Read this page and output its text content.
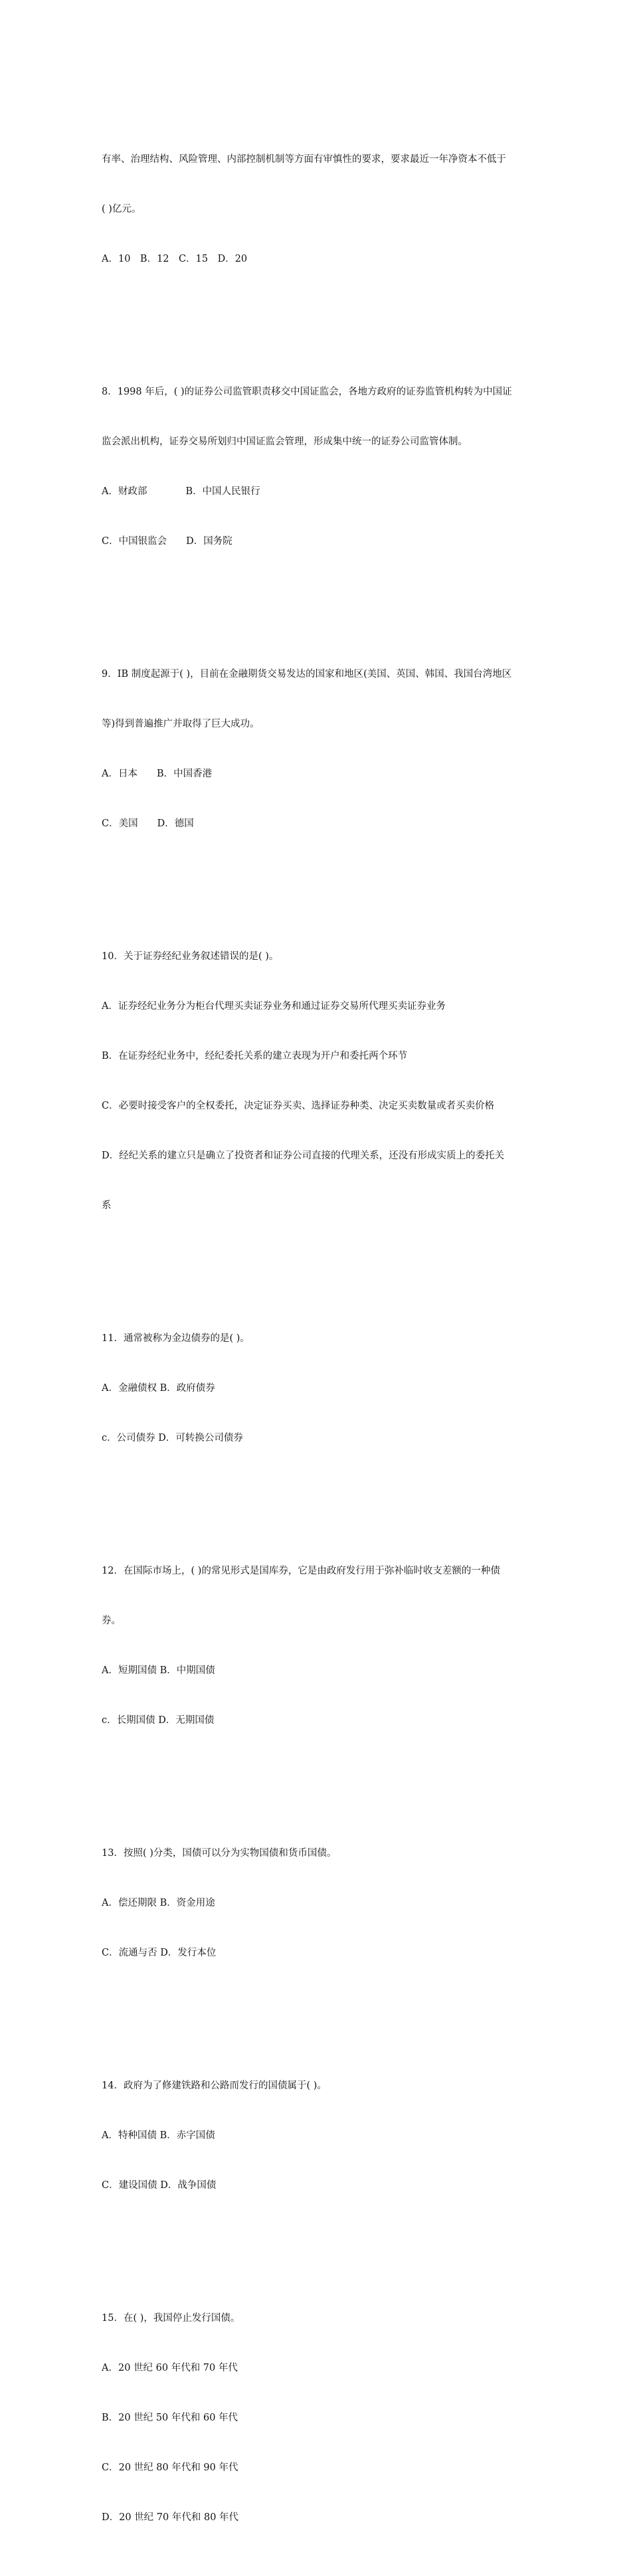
有率、治理结构、风险管理、内部控制机制等方面有审慎性的要求，要求最近一年净资本不低于

( )亿元。

A．10　B．12　C．15　D．20

8．1998 年后，( )的证券公司监管职责移交中国证监会，各地方政府的证券监管机构转为中国证

监会派出机构，证券交易所划归中国证监会管理，形成集中统一的证券公司监管体制。

A．财政部　　　　B．中国人民银行

C．中国银监会　　D．国务院

9．IB 制度起源于( )，目前在金融期货交易发达的国家和地区(美国、英国、韩国、我国台湾地区

等)得到普遍推广并取得了巨大成功。

A．日本　　B．中国香港

C．美国　　D．德国

10．关于证券经纪业务叙述错误的是( )。

A．证券经纪业务分为柜台代理买卖证券业务和通过证券交易所代理买卖证券业务

B．在证券经纪业务中，经纪委托关系的建立表现为开户和委托两个环节

C．必要时接受客户的全权委托，决定证券买卖、选择证券种类、决定买卖数量或者买卖价格

D．经纪关系的建立只是确立了投资者和证券公司直接的代理关系，还没有形成实质上的委托关

系

11．通常被称为金边债券的是( )。

A．金融债权 B．政府债券

c．公司债券 D．可转换公司债券

12．在国际市场上，( )的常见形式是国库券，它是由政府发行用于弥补临时收支差额的一种债

券。

A．短期国债 B．中期国债

c．长期国债 D．无期国债

13．按照( )分类，国债可以分为实物国债和货币国债。

A．偿还期限 B．资金用途

C．流通与否 D．发行本位

14．政府为了修建铁路和公路而发行的国债属于( )。

A．特种国债 B．赤字国债

C．建设国债 D．战争国债

15．在( )，我国停止发行国债。

A．20 世纪 60 年代和 70 年代

B．20 世纪 50 年代和 60 年代

C．20 世纪 80 年代和 90 年代

D．20 世纪 70 年代和 80 年代
